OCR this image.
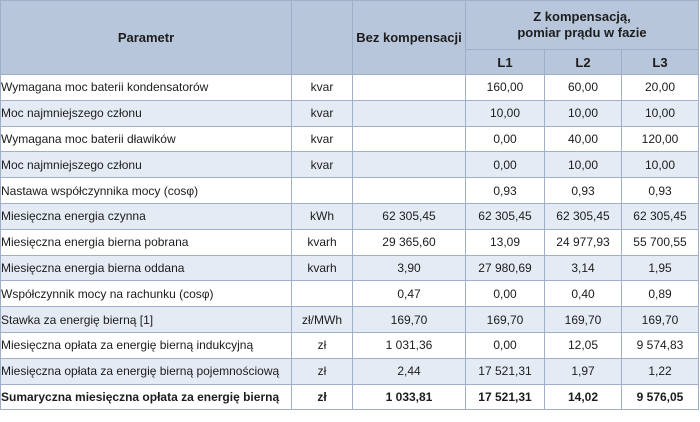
Parametr		Bez kompensacji	Z kompensacją,
pomiar prądu w fazie		

			L1	L2	L3
Wymagana moc baterii kondensatorów	kvar		160,00	60,00	20,00
Moc najmniejszego członu	kvar		10,00	10,00	10,00
Wymagana moc baterii dławików	kvar		0,00	40,00	120,00
Moc najmniejszego członu	kvar		0,00	10,00	10,00
Nastawa współczynnika mocy (cosφ)			0,93	0,93	0,93
Miesięczna energia czynna	kWh	62 305,45	62 305,45	62 305,45	62 305,45
Miesięczna energia bierna pobrana	kvarh	29 365,60	13,09	24 977,93	55 700,55
Miesięczna energia bierna oddana	kvarh	3,90	27 980,69	3,14	1,95
Współczynnik mocy na rachunku (cosφ)		0,47	0,00	0,40	0,89
Stawka za energię bierną [1]	zł/MWh	169,70	169,70	169,70	169,70
Miesięczna opłata za energię bierną indukcyjną	zł	1 031,36	0,00	12,05	9 574,83
Miesięczna opłata za energię bierną pojemnościową	zł	2,44	17 521,31	1,97	1,22
Sumaryczna miesięczna opłata za energię bierną	zł	1 033,81	17 521,31	14,02	9 576,05
